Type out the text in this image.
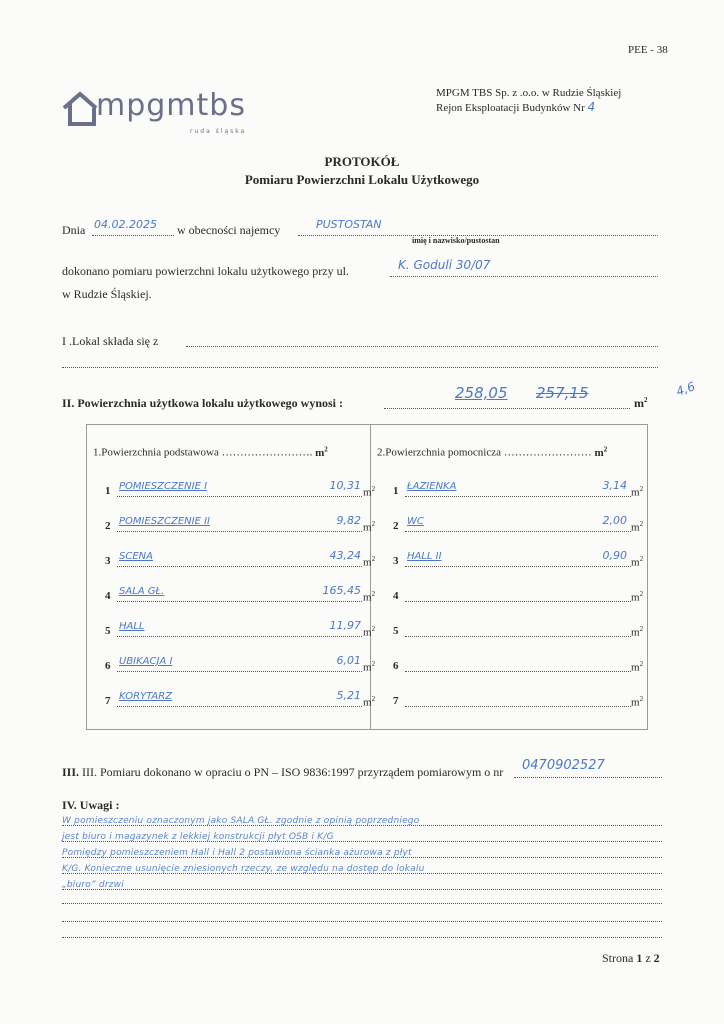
PEE - 38
mpgmtbs
ruda śląska
MPGM TBS Sp. z .o.o. w Rudzie Śląskiej
Rejon Eksploatacji Budynków Nr 4
PROTOKÓŁ
Pomiaru Powierzchni Lokalu Użytkowego
Dnia 04.02.2025 w obecności najemcy	PUSTOSTAN
imię i nazwisko/pustostan
dokonano pomiaru powierzchni lokalu użytkowego przy ul.	K. Goduli 30/07
w Rudzie Śląskiej.
I .Lokal składa się z
II. Powierzchnia użytkowa lokalu użytkowego wynosi :
258,05 257,15
$m^2$
4,6
1.Powierzchnia podstawowa ……………………. $m^2$	2.Powierzchnia pomocnicza …………………… $m^2$
1 POMIESZCZENIE I	10,31
$m^2$
2 POMIESZCZENIE II	9,82
$m^2$
3 SCENA	43,24
$m^2$
4 SALA GŁ.	165,45
$m^2$
5 HALL	11,97
$m^2$
6 UBIKACJA I	6,01
$m^2$
7 KORYTARZ	5,21
$m^2$
1 ŁAZIENKA	3,14
$m^2$
2 WC	2,00
$m^2$
3 HALL II	0,90
$m^2$
4	$m^2$
5	$m^2$
6	$m^2$
7	$m^2$
III. III. Pomiaru dokonano w opraciu o PN – ISO 9836:1997 przyrządem pomiarowym o nr 0470902527
IV. Uwagi :
W pomieszczeniu oznaczonym jako SALA GŁ. zgodnie z opinią poprzedniego
jest biuro i magazynek z lekkiej konstrukcji płyt OSB i K/G
Pomiędzy pomieszczeniem Hall i Hall 2 postawiona ścianka ażurowa z płyt
K/G. Konieczne usunięcie zniesionych rzeczy, ze względu na dostęp do lokalu
„biuro” drzwi
Strona 1 z 2
